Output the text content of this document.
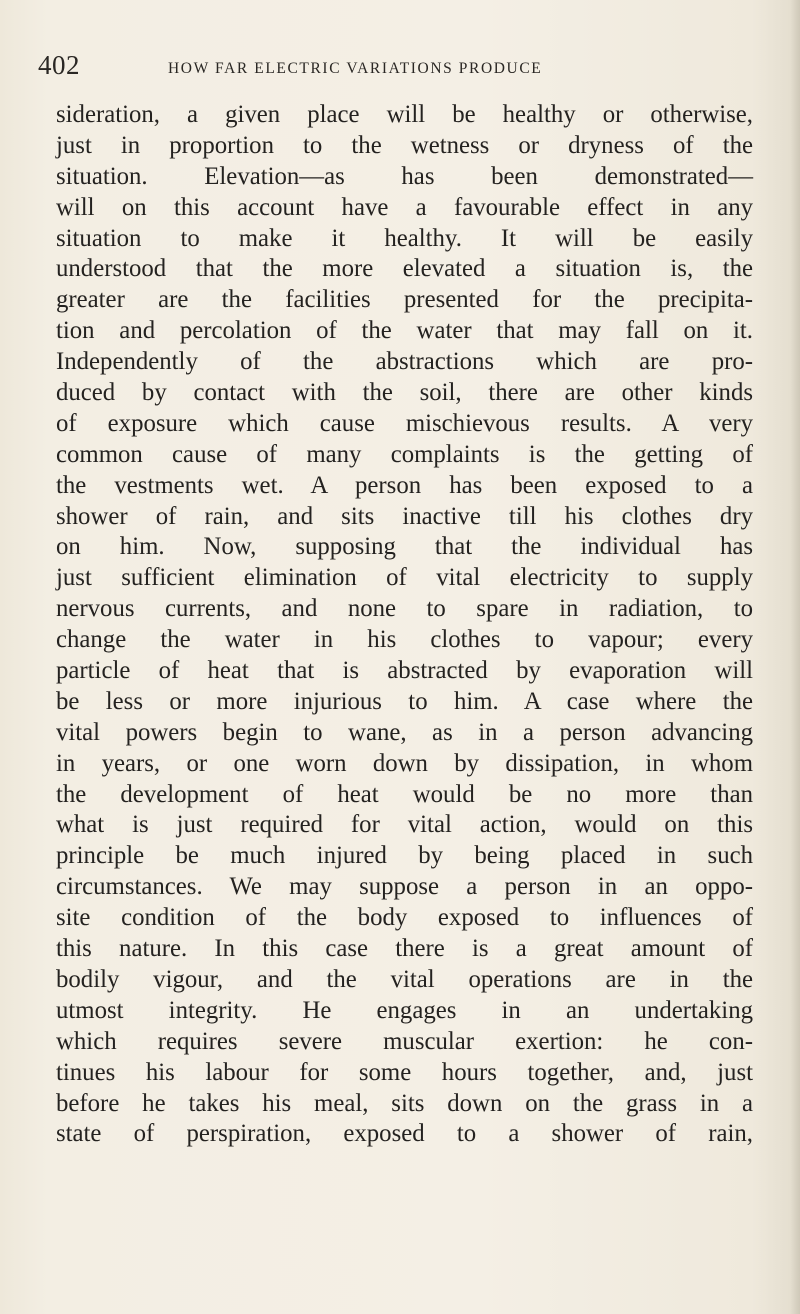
402	HOW FAR ELECTRIC VARIATIONS PRODUCE
sideration, a given place will be healthy or otherwise,
just in proportion to the wetness or dryness of the
situation. Elevation—as has been demonstrated—
will on this account have a favourable effect in any
situation to make it healthy. It will be easily
understood that the more elevated a situation is, the
greater are the facilities presented for the precipita-
tion and percolation of the water that may fall on it.
Independently of the abstractions which are pro-
duced by contact with the soil, there are other kinds
of exposure which cause mischievous results. A very
common cause of many complaints is the getting of
the vestments wet. A person has been exposed to a
shower of rain, and sits inactive till his clothes dry
on him. Now, supposing that the individual has
just sufficient elimination of vital electricity to supply
nervous currents, and none to spare in radiation, to
change the water in his clothes to vapour; every
particle of heat that is abstracted by evaporation will
be less or more injurious to him. A case where the
vital powers begin to wane, as in a person advancing
in years, or one worn down by dissipation, in whom
the development of heat would be no more than
what is just required for vital action, would on this
principle be much injured by being placed in such
circumstances. We may suppose a person in an oppo-
site condition of the body exposed to influences of
this nature. In this case there is a great amount of
bodily vigour, and the vital operations are in the
utmost integrity. He engages in an undertaking
which requires severe muscular exertion: he con-
tinues his labour for some hours together, and, just
before he takes his meal, sits down on the grass in a
state of perspiration, exposed to a shower of rain,
